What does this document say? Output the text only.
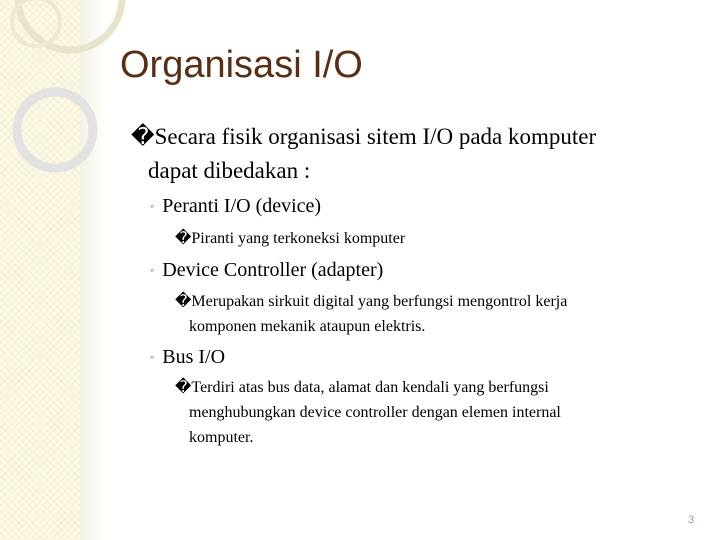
Organisasi I/O
�Secara fisik organisasi sitem I/O pada komputer
dapat dibedakan :
◦ Peranti I/O (device)
�Piranti yang terkoneksi komputer
◦ Device Controller (adapter)
�Merupakan sirkuit digital yang berfungsi mengontrol kerja
komponen mekanik ataupun elektris.
◦ Bus I/O
�Terdiri atas bus data, alamat dan kendali yang berfungsi
menghubungkan device controller dengan elemen internal
komputer.
3
